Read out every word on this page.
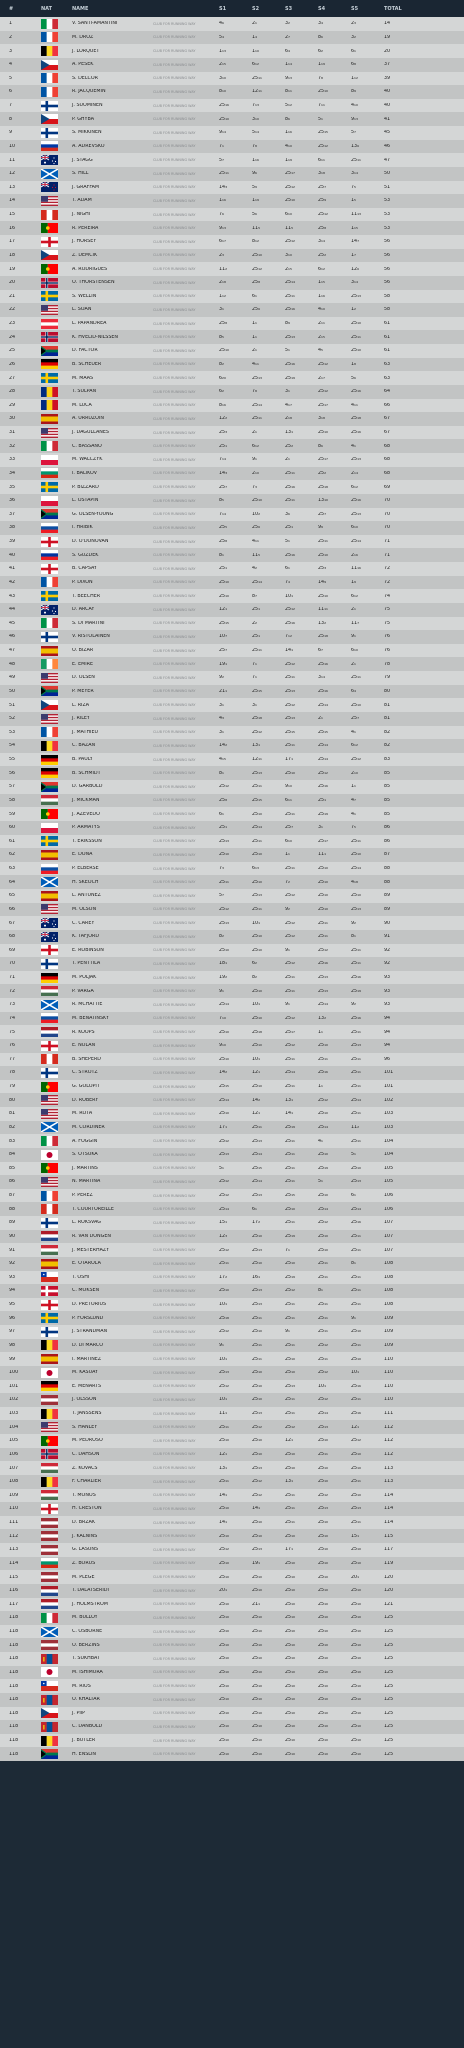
#	NAT	NAME	S1	S2	S3	S4	S5	TOTAL
1	V. SANTI-AMANTINI	CLUB FOR RUNNING WAY	4₆	2₁	3₂	3₄	2₃	14
2	M. DROZ	CLUB FOR RUNNING WAY	5₄	1₄	2₇	8₆	3₂	19
3	J. LORQUET	CLUB FOR RUNNING WAY	1₁₃	1₁₀	6₄	6₂	6₁	20
4	A. PESEK	CLUB FOR RUNNING WAY	2₁₅	6₁₂	1₁₄	1₁₉	6₈	37
5	S. DELCOR	CLUB FOR RUNNING WAY	3₁₀	25₁₁	9₁₃	7₈	1₁₂	39
6	R. JACQUEMIN	CLUB FOR RUNNING WAY	8₁₀	12₁₁	8₁₁	25₁₀	8₉	40
7	J. SUOMINEN	CLUB FOR RUNNING WAY	25₁₆	7₁₃	5₁₂	7₁₁	4₁₀	40
8	P. GHYBA	CLUB FOR RUNNING WAY	25₁₀	3₁₀	8₆	5₁	9₁₃	41
9	S. MIKKINEN	CLUB FOR RUNNING WAY	9₁₄	5₁₄	1₁₆	25₁₅	5₇	45
10	A. ADREVSKO	CLUB FOR RUNNING WAY	7₁	7₈	4₁₀	25₁₂	13₆	46
11	J. STAGG	CLUB FOR RUNNING WAY	5₇	1₁₆	1₁₉	6₁₁	25₁₁	47
12	S. HILL	CLUB FOR RUNNING WAY	25₁₁	9₆	25₁₇	3₁₈	3₁₄	50
13	J. GRAFFAM	CLUB FOR RUNNING WAY	14₃	5₉	25₁₂	25₇	7₅	51
14	T. ADAM	CLUB FOR RUNNING WAY	1₁₆	1₁₉	25₁₀	25₉	1₅	53
15	J. NIGHI	CLUB FOR RUNNING WAY	7₆	5₆	6₁₀	25₁₂	11₁₃	53
16	R. PEREIRA	CLUB FOR RUNNING WAY	9₁₃	11₅	11₅	25₈	1₁₅	53
17	J. HORSEY	CLUB FOR RUNNING WAY	6₁₇	8₁₂	25₁₂	3₁₄	14₇	56
18	Z. DEMCIK	CLUB FOR RUNNING WAY	2₃	25₁₀	3₁₀	25₂	1₇	56
19	A. RODRIGUES	CLUB FOR RUNNING WAY	11₂	25₁₂	2₁₅	6₁₂	12₆	56
20	O. THORSTENSEN	CLUB FOR RUNNING WAY	2₁₈	25₈	25₁₄	1₁₅	3₁₄	56
21	S. WELLIN	CLUB FOR RUNNING WAY	1₁₂	6₁	25₁₁	1₁₆	25₁₃	58
22	L. SOAN	CLUB FOR RUNNING WAY	3₁	25₆	25₁₆	4₁₀	1₂	58
23	L. PAPANDREA	CLUB FOR RUNNING WAY	25₈	1₁	8₉	2₁₁	25₁₀	61
24	K. HVELID-NILSSEN	CLUB FOR RUNNING WAY	8₅	1₁	25₁₃	2₁₅	25₁₁	61
25	D. FACTOR	CLUB FOR RUNNING WAY	25₁₀	2₁	5₁	4₅	25₁₀	61
26	B. SCHEUER	CLUB FOR RUNNING WAY	8₂	4₁₁	25₁₆	25₁₂	1₈	63
27	M. MAAS	CLUB FOR RUNNING WAY	6₂₀	25₁₃	25₁₉	2₁₇	5₆	63
28	T. SULPAN	CLUB FOR RUNNING WAY	6₂	7₈	3₁	25₁₂	25₁₆	64
29	M. LUCA	CLUB FOR RUNNING WAY	8₁₆	25₁₄	4₁₇	25₁₇	4₁₁	66
30	A. URRUZOIN	CLUB FOR RUNNING WAY	12₂	25₁₁	2₁₈	3₁₈	25₁₈	67
31	J. DAGULLANES	CLUB FOR RUNNING WAY	25₃	2₁	13₁	25₁₀	25₁₆	67
32	C. BASSANO	CLUB FOR RUNNING WAY	25₁	6₁₂	25₂	8₆	4₁	68
33	M. WALCZYK	CLUB FOR RUNNING WAY	7₁₄	9₁	2₁	25₁₇	25₁₃	68
34	I. BALIKOV	CLUB FOR RUNNING WAY	14₃	2₁₀	25₁₁	25₂	2₁₄	68
35	P. BIZZARD	CLUB FOR RUNNING WAY	25₇	7₃	25₁₆	25₁₈	6₁₂	69
36	L. OSTAPIN	CLUB FOR RUNNING WAY	8₅	25₁₀	25₁₁	13₁₀	25₁₆	70
37	G. OLSEN-YOUNG	CLUB FOR RUNNING WAY	7₁₄	10₂	3₆	25₇	25₁₃	70
38	I. HRIBIK	CLUB FOR RUNNING WAY	25₅	25₆	25₁	9₉	6₁₀	70
39	D. O'DONOVAN	CLUB FOR RUNNING WAY	25₈	4₁₁	5₁	25₁₁	25₁₄	71
40	S. GUZDEK	CLUB FOR RUNNING WAY	8₁	11₅	25₁₆	25₁₀	2₁₆	71
41	B. CAPSAY	CLUB FOR RUNNING WAY	25₁	4₂	6₁	25₃	11₁₆	72
42	P. DIXON	CLUB FOR RUNNING WAY	25₁₀	25₁₄	7₄	14₉	1₉	72
43	T. BEECHER	CLUB FOR RUNNING WAY	25₁₀	8₇	10₁	25₁₀	6₁₂	74
44	D. ARCAY	CLUB FOR RUNNING WAY	12₁	25₁	25₁₂	11₁₁	2₁	75
45	S. DI MARTINI	CLUB FOR RUNNING WAY	25₁₅	2₂	25₁₆	13₂	11₇	75
46	V. RISTOLAINEN	CLUB FOR RUNNING WAY	10₇	25₁	7₁₂	25₁₈	9₁	76
47	O. BIZAR	CLUB FOR RUNNING WAY	25₇	25₁₁	14₁	6₇	6₁₀	76
48	E. EMIRE	CLUB FOR RUNNING WAY	19₁	7₁	25₁₂	25₁₆	2₁	78
49	D. OLSEN	CLUB FOR RUNNING WAY	9₂	7₁	25₁₁	3₁₄	25₁₁	79
50	P. MEYER	CLUB FOR RUNNING WAY	21₁	25₁₅	25₁₃	25₁₆	6₄	80
51	L. RIZA	CLUB FOR RUNNING WAY	3₁	3₁	25₁₂	25₁₄	25₁₀	81
52	J. RILEY	CLUB FOR RUNNING WAY	4₃	25₁₈	25₁₃	2₁	25₇	81
53	J. MATHIEU	CLUB FOR RUNNING WAY	3₁	25₁₂	25₁₅	25₁₅	4₁	82
54	C. BAZAN	CLUB FOR RUNNING WAY	14₂	13₁	25₁₁	25₁₄	6₁₂	82
55	B. PAULY	CLUB FOR RUNNING WAY	4₁₅	12₁₁	17₁	25₁₄	25₁₂	83
56	B. SCHMIDT	CLUB FOR RUNNING WAY	8₁	25₁₃	25₁₀	25₁₂	2₁₀	85
57	D. GARBOLD	CLUB FOR RUNNING WAY	25₁₂	25₁₁	9₁₀	25₁₆	1₁	85
58	J. MICKMAN	CLUB FOR RUNNING WAY	25₈	25₁₅	6₁₁	25₁	4₇	85
59	J. AZEVEDO	CLUB FOR RUNNING WAY	6₁	25₁₀	25₁₁	25₁₉	4₁	85
60	P. ARMATYS	CLUB FOR RUNNING WAY	25₁	25₁₄	25₇	3₁	7₅	86
61	T. ERIKSSON	CLUB FOR RUNNING WAY	25₁₃	25₁₁	6₁₀	25₁₇	25₁₁	86
62	E. DONA	CLUB FOR RUNNING WAY	25₁₀	25₁₀	1₁	11₁	25₁₀	87
63	P. ELBERSE	CLUB FOR RUNNING WAY	7₃	6₁₃	25₁₁	25₁₀	25₁₄	88
64	H. SKEOCH	CLUB FOR RUNNING WAY	25₁₁	25₁₀	7₂	25₁₀	4₁₈	88
65	L. ANTUNEZ	CLUB FOR RUNNING WAY	5₇	25₁₃	25₁₂	25₁₀	25₁₀	89
66	M. OLSON	CLUB FOR RUNNING WAY	25₁₂	25₁₁	9₂	25₁₀	25₁₃	89
67	C. CAREY	CLUB FOR RUNNING WAY	25₁₃	10₁	25₁₂	25₁₁	9₂	90
68	K. TAFJORD	CLUB FOR RUNNING WAY	8₂	25₁₀	25₁₂	25₁₁	8₁	91
69	E. ROBINSON	CLUB FOR RUNNING WAY	25₁₀	25₁₀	9₁	25₁₂	25₁₁	92
70	T. PENTTILA	CLUB FOR RUNNING WAY	18₁	6₂	25₁₂	25₁₆	25₁₁	92
71	M. POLJAK	CLUB FOR RUNNING WAY	19₂	8₂	25₁₁	25₁₃	25₁₆	93
72	P. VARGA	CLUB FOR RUNNING WAY	9₁	25₁₀	25₁₁	25₁₃	25₁₉	93
73	R. MCHATTIE	CLUB FOR RUNNING WAY	25₁₄	10₁	9₁	25₁₄	9₂	93
74	M. BENATINSKY	CLUB FOR RUNNING WAY	7₁₀	25₁₀	25₁₂	13₂	25₁₆	94
75	R. KOOPS	CLUB FOR RUNNING WAY	25₁₀	25₁₈	25₁₇	1₁	25₁₁	94
76	E. NOLAN	CLUB FOR RUNNING WAY	9₁₀	25₁₀	25₁₂	25₁₀	25₁₃	94
77	B. SHEPERD	CLUB FOR RUNNING WAY	25₁₀	10₁	25₁₁	25₁₁	25₁₁	96
78	C. STROTZ	CLUB FOR RUNNING WAY	14₂	12₁	25₁₄	25₁₆	25₁₁	101
79	G. GOLOPIT	CLUB FOR RUNNING WAY	25₁₅	25₁₀	25₁₁	1₁	25₁₁	101
80	D. ROBERY	CLUB FOR RUNNING WAY	25₁₄	14₂	13₁	25₁₂	25₁₄	102
81	M. ROTA	CLUB FOR RUNNING WAY	25₁₀	12₁	14₁	25₁₀	25₁₁	103
82	M. CORDINER	CLUB FOR RUNNING WAY	17₁	25₁₁	25₁₉	25₁₄	11₂	103
83	A. FOGGIN	CLUB FOR RUNNING WAY	25₁₂	25₁₃	25₁₁	4₁	25₁₁	104
84	S. OTSUKA	CLUB FOR RUNNING WAY	25₁₃	25₁₄	25₁₁	25₁₀	5₁	104
85	J. MARTINS	CLUB FOR RUNNING WAY	5₁	25₁₅	25₁₁	25₁₉	25₁₀	105
86	N. MARTINA	CLUB FOR RUNNING WAY	25₁₂	25₁₄	25₁₁	5₁	25₁₃	105
87	P. PEREZ	CLUB FOR RUNNING WAY	25₁₂	25₁₃	25₁₅	25₁₀	6₁	106
88	T. COURTOREILLE	CLUB FOR RUNNING WAY	25₁₄	6₁	25₁₀	25₁₄	25₁₄	106
89	L. ROKSVAG	CLUB FOR RUNNING WAY	15₁	17₂	25₁₁	25₁₂	25₁₆	107
90	R. VAN DONGEN	CLUB FOR RUNNING WAY	12₃	25₁₀	25₁₉	25₁₀	25₁₁	107
91	J. MESTERHAZY	CLUB FOR RUNNING WAY	25₁₂	25₁₃	7₁	25₁₀	25₁₁	107
92	E. OTAROLA	CLUB FOR RUNNING WAY	25₁₁	25₁₀	25₁₀	25₁₁	8₁	108
93	T. OSHI	CLUB FOR RUNNING WAY	17₂	16₁	25₁₉	25₁₁	25₁₁	108
94	C. MOKSEN	CLUB FOR RUNNING WAY	25₁₀	25₁₃	25₁₂	8₁	25₁₁	108
95	D. PRETORIUS	CLUB FOR RUNNING WAY	10₁	25₁₃	25₁₁	25₁₁	25₁₁	108
96	P. FORSLUND	CLUB FOR RUNNING WAY	25₁₈	25₁₁	25₁₁	25₁₁	9₁	109
97	J. STRANDMAN	CLUB FOR RUNNING WAY	25₁₂	25₁₀	9₁	25₁₁	25₁₀	109
98	D. DI MARCO	CLUB FOR RUNNING WAY	9₁	25₁₁	25₁₁	25₁₂	25₁₁	109
99	I. MARTINEZ	CLUB FOR RUNNING WAY	10₁	25₁₁	25₁₀	25₁₁	25₁₀	110
100	M. KASUAY	CLUB FOR RUNNING WAY	25₁₃	25₁₀	25₁₀	25₁₂	10₁	110
101	E. MENARTS	CLUB FOR RUNNING WAY	25₁₂	25₁₀	25₁₃	10₁	25₁₆	110
102	J. OLSSON	CLUB FOR RUNNING WAY	10₁	25₁₀	25₁₁	25₁₂	25₁₁	110
103	T. JANSSENS	CLUB FOR RUNNING WAY	11₁	25₁₃	25₁₁	25₁₄	25₁₆	111
104	S. HANLEY	CLUB FOR RUNNING WAY	25₁₁	25₁₂	25₁₂	25₁₃	12₁	112
105	M. PEDROSO	CLUB FOR RUNNING WAY	25₁₀	25₁₀	12₁	25₁₀	25₁₂	112
106	C. DAHSON	CLUB FOR RUNNING WAY	12₁	25₁₀	25₁₀	25₁₁	25₁₀	112
107	Z. KOVACS	CLUB FOR RUNNING WAY	13₁	25₁₃	25₁₀	25₁₀	25₁₀	113
108	F. CHARLIER	CLUB FOR RUNNING WAY	25₁₁	25₁₂	13₁	25₁₀	25₁₁	113
109	T. MONOS	CLUB FOR RUNNING WAY	14₁	25₁₂	25₁₁	25₁₂	25₁₀	114
110	H. CRESTON	CLUB FOR RUNNING WAY	25₁₀	14₁	25₁₁	25₁₃	25₁₃	114
111	D. BRZAK	CLUB FOR RUNNING WAY	14₁	25₁₀	25₁₁	25₁₀	25₁₁	114
112	J. KALNINS	CLUB FOR RUNNING WAY	25₁₀	25₁₀	25₁₀	25₁₀	15₁	115
113	G. LASUNS	CLUB FOR RUNNING WAY	25₁₂	25₁₃	17₁	25₁₀	25₁₀	117
114	Z. BORUS	CLUB FOR RUNNING WAY	25₁₀	19₁	25₁₀	25₁₀	25₁₀	119
115	M. PLEGE	CLUB FOR RUNNING WAY	25₁₀	25₁₀	25₁₀	25₁₀	20₁	120
116	T. DALATSERIDI	CLUB FOR RUNNING WAY	20₁	25₁₀	25₁₀	25₁₀	25₁₀	120
117	J. HOLMSTROM	CLUB FOR RUNNING WAY	25₁₀	21₁	25₁₀	25₁₀	25₁₀	121
118	M. BULLOY	CLUB FOR RUNNING WAY	25₁₀	25₁₀	25₁₀	25₁₀	25₁₀	125
118	C. OSBORNE	CLUB FOR RUNNING WAY	25₁₀	25₁₀	25₁₀	25₁₀	25₁₀	125
118	O. BERZINS	CLUB FOR RUNNING WAY	25₁₀	25₁₀	25₁₀	25₁₀	25₁₀	125
118	T. SUKHBAT	CLUB FOR RUNNING WAY	25₁₀	25₁₀	25₁₀	25₁₀	25₁₀	125
118	M. ISHIMURA	CLUB FOR RUNNING WAY	25₁₀	25₁₀	25₁₀	25₁₀	25₁₀	125
118	M. RIOS	CLUB FOR RUNNING WAY	25₁₀	25₁₀	25₁₀	25₁₀	25₁₀	125
118	O. KHALTAR	CLUB FOR RUNNING WAY	25₁₀	25₁₀	25₁₀	25₁₀	25₁₀	125
118	J. PIIP	CLUB FOR RUNNING WAY	25₁₀	25₁₀	25₁₀	25₁₀	25₁₀	125
118	C. DANBOLD	CLUB FOR RUNNING WAY	25₁₀	25₁₀	25₁₀	25₁₀	25₁₀	125
118	J. BUTLER	CLUB FOR RUNNING WAY	25₁₀	25₁₀	25₁₀	25₁₀	25₁₀	125
118	H. ENSLIN	CLUB FOR RUNNING WAY	25₁₀	25₁₀	25₁₀	25₁₀	25₁₀	125
